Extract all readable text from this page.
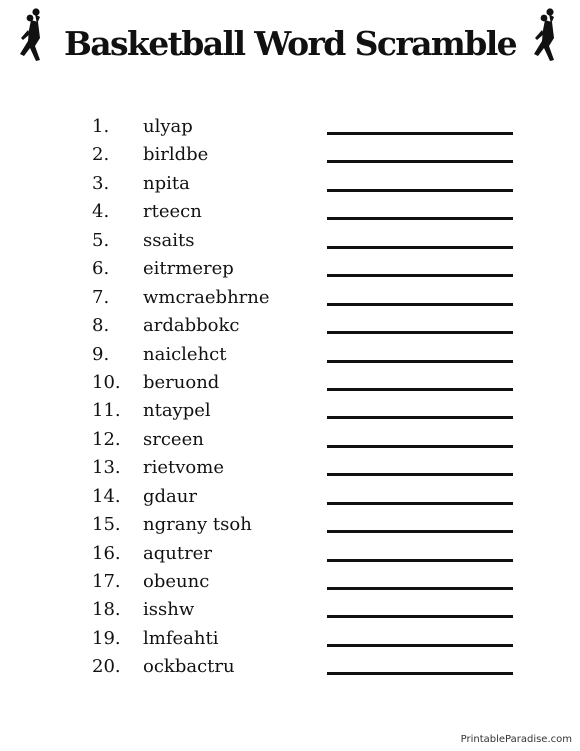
Basketball Word Scramble
1. ulyap
2. birldbe
3. npita
4. rteecn
5. ssaits
6. eitrmerep
7. wmcraebhrne
8. ardabbokc
9. naiclehct
10. beruond
11. ntaypel
12. srceen
13. rietvome
14. gdaur
15. ngrany tsoh
16. aqutrer
17. obeunc
18. isshw
19. lmfeahti
20. ockbactru
PrintableParadise.com
